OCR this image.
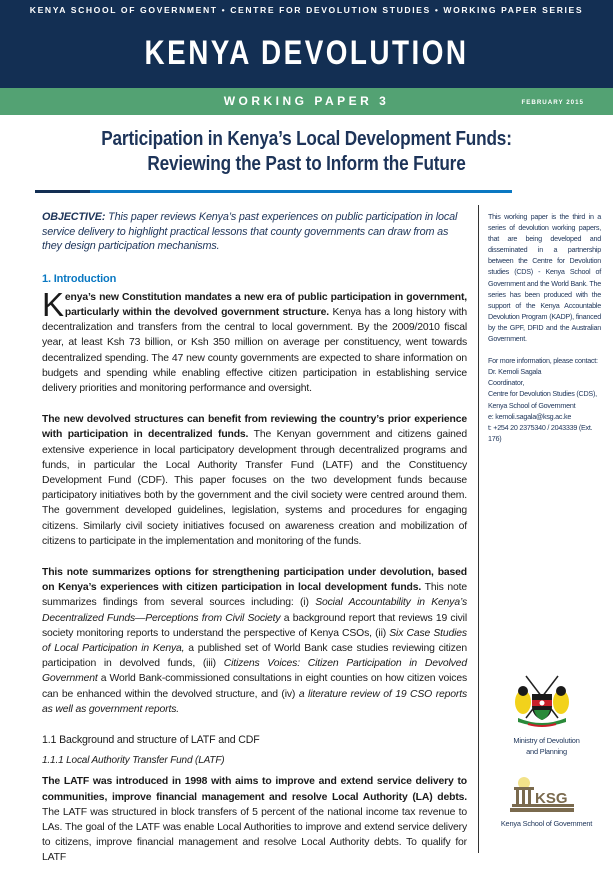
KENYA SCHOOL OF GOVERNMENT • CENTRE FOR DEVOLUTION STUDIES • WORKING PAPER SERIES
KENYA DEVOLUTION
WORKING PAPER 3	FEBRUARY 2015
Participation in Kenya’s Local Development Funds:
Reviewing the Past to Inform the Future

OBJECTIVE: This paper reviews Kenya’s past experiences on public participation in local service delivery to highlight practical lessons that county governments can draw from as they design participation mechanisms.

1. Introduction

Kenya’s new Constitution mandates a new era of public participation in government, particularly within the devolved government structure. Kenya has a long history with decentralization and transfers from the central to local government. By the 2009/2010 fiscal year, at least Ksh 73 billion, or Ksh 350 million on average per constituency, went towards decentralized spending. The 47 new county governments are expected to share information on budgets and spending while enabling effective citizen participation in establishing service delivery priorities and monitoring performance and oversight.

The new devolved structures can benefit from reviewing the country’s prior experience with participation in decentralized funds. The Kenyan government and citizens gained extensive experience in local participatory development through decentralized programs and funds, in particular the Local Authority Transfer Fund (LATF) and the Constituency Development Fund (CDF). This paper focuses on the two development funds because participatory initiatives both by the government and the civil society were centred around them. The government developed guidelines, legislation, systems and procedures for engaging citizens. Similarly civil society initiatives focused on awareness creation and mobilization of citizens to participate in the implementation and monitoring of the funds.

This note summarizes options for strengthening participation under devolution, based on Kenya’s experiences with citizen participation in local development funds. This note summarizes findings from several sources including: (i) Social Accountability in Kenya’s Decentralized Funds—Perceptions from Civil Society a background report that reviews 19 civil society monitoring reports to understand the perspective of Kenya CSOs, (ii) Six Case Studies of Local Participation in Kenya, a published set of World Bank case studies reviewing citizen participation in devolved funds, (iii) Citizens Voices: Citizen Participation in Devolved Government a World Bank-commissioned consultations in eight counties on how citizen voices can be enhanced within the devolved structure, and (iv) a literature review of 19 CSO reports as well as government reports.

1.1 Background and structure of LATF and CDF
1.1.1 Local Authority Transfer Fund (LATF)

The LATF was introduced in 1998 with aims to improve and extend service delivery to communities, improve financial management and resolve Local Authority (LA) debts. The LATF was structured in block transfers of 5 percent of the national income tax revenue to LAs. The goal of the LATF was enable Local Authorities to improve and extend service delivery to citizens, improve financial management and resolve Local Authority debts. To qualify for LATF

This working paper is the third in a series of devolution working papers, that are being developed and disseminated in a partnership between the Centre for Devolution studies (CDS) - Kenya School of Government and the World Bank. The series has been produced with the support of the Kenya Accountable Devolution Program (KADP), financed by the GPF, DFID and the Australian Government.
For more information, please contact:
Dr. Kemoli Sagala
Coordinator,
Centre for Devolution Studies (CDS),
Kenya School of Government
e: kemoli.sagala@ksg.ac.ke
t: +254 20 2375340 / 2043339 (Ext. 176)
Ministry of Devolution
and Planning
KSG
Kenya School of Government
